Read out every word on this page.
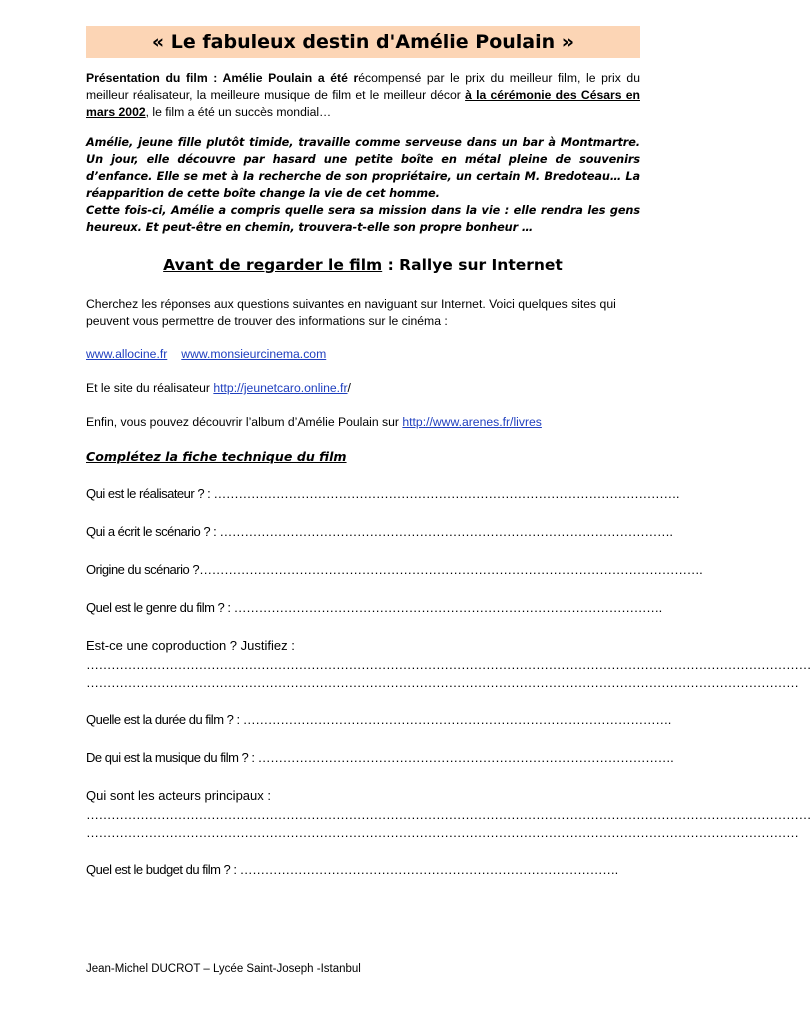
« Le fabuleux destin d'Amélie Poulain »
Présentation du film : Amélie Poulain a été récompensé par le prix du meilleur film, le prix du meilleur réalisateur, la meilleure musique de film et le meilleur décor à la cérémonie des Césars en mars 2002, le film a été un succès mondial…

Amélie, jeune fille plutôt timide, travaille comme serveuse dans un bar à Montmartre. Un jour, elle découvre par hasard une petite boîte en métal pleine de souvenirs d’enfance. Elle se met à la recherche de son propriétaire, un certain M. Bredoteau… La réapparition de cette boîte change la vie de cet homme.

Cette fois-ci, Amélie a compris quelle sera sa mission dans la vie : elle rendra les gens heureux. Et peut-être en chemin, trouvera-t-elle son propre bonheur …

Avant de regarder le film : Rallye sur Internet

Cherchez les réponses aux questions suivantes en naviguant sur Internet. Voici quelques sites qui peuvent vous permettre de trouver des informations sur le cinéma :

www.allocine.fr www.monsieurcinema.com

Et le site du réalisateur http://jeunetcaro.online.fr/

Enfin, vous pouvez découvrir l’album d’Amélie Poulain sur http://www.arenes.fr/livres

Complétez la fiche technique du film
Qui est le réalisateur ? : ………………………………………………………………………………………………….
Qui a écrit le scénario ? : ……………………………………………………………………………………………….
Origine du scénario ?………………………………………………………………………………………………………….
Quel est le genre du film ? : ………………………………………………………………………………………….
Est-ce une coproduction ? Justifiez :
…………………………………………………………………………………………………………………………………………………………
………………………………………………………………………………………………………………………………………………………
Quelle est la durée du film ? : ………………………………………………………………………………………….
De qui est la musique du film ? : ……………………………………………………………………………………….
Qui sont les acteurs principaux :
…………………………………………………………………………………………………………………………………………………………
………………………………………………………………………………………………………………………………………………………
Quel est le budget du film ? : ……………………………………………………………………………….
Jean-Michel DUCROT – Lycée Saint-Joseph -Istanbul
